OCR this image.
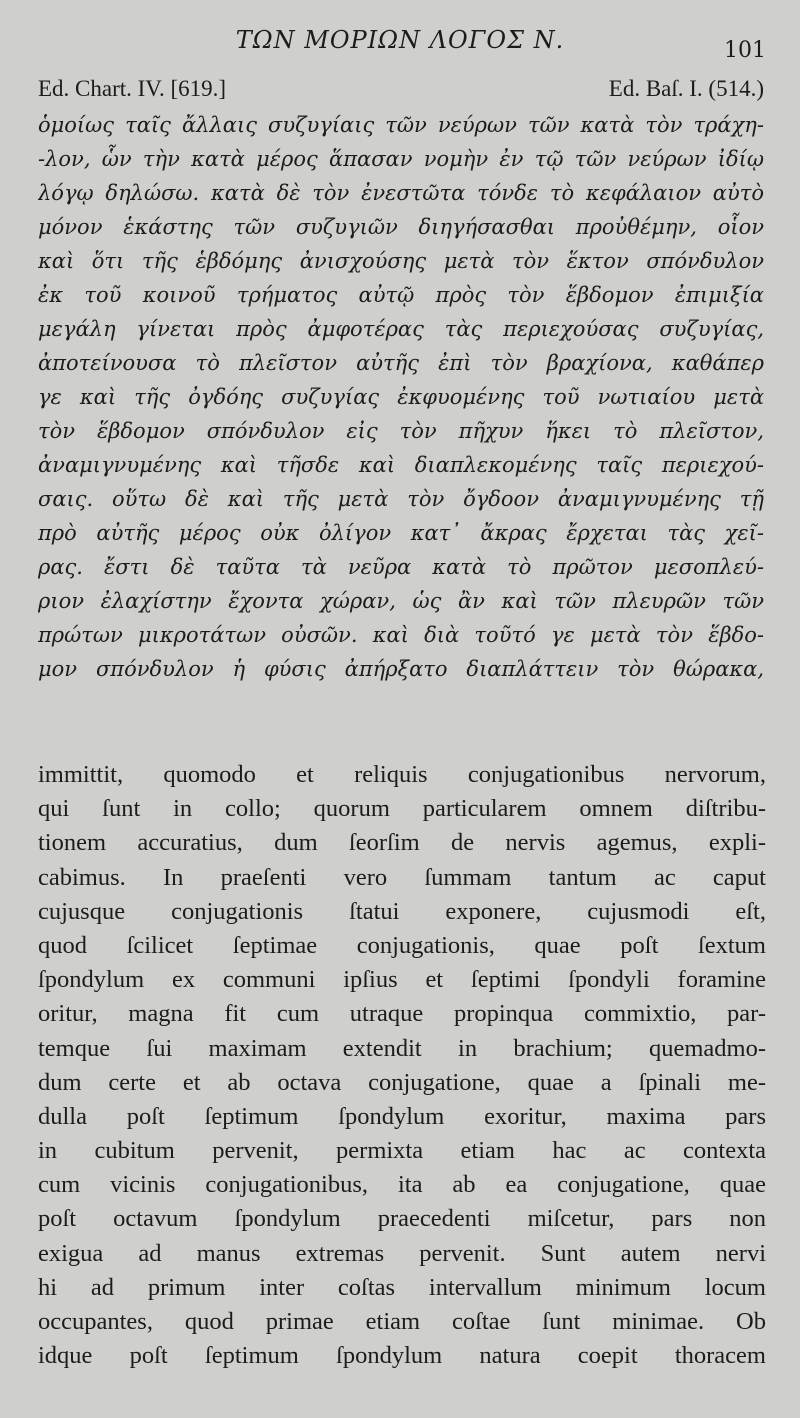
ΤΩΝ ΜΟΡΙΩΝ ΛΟΓΟΣ Ν.	101
Ed. Chart. IV. [619.]	Ed. Baſ. I. (514.)
ὁμοίως ταῖς ἄλλαις συζυγίαις τῶν νεύρων τῶν κατὰ τὸν τράχη-
-λον, ὧν τὴν κατὰ μέρος ἅπασαν νομὴν ἐν τῷ τῶν νεύρων ἰδίῳ
λόγῳ δηλώσω. κατὰ δὲ τὸν ἐνεστῶτα τόνδε τὸ κεφάλαιον αὐτὸ
μόνον ἑκάστης τῶν συζυγιῶν διηγήσασθαι προὐθέμην, οἷον
καὶ ὅτι τῆς ἑβδόμης ἀνισχούσης μετὰ τὸν ἕκτον σπόνδυλον
ἐκ τοῦ κοινοῦ τρήματος αὐτῷ πρὸς τὸν ἕβδομον ἐπιμιξία
μεγάλη γίνεται πρὸς ἀμφοτέρας τὰς περιεχούσας συζυγίας,
ἀποτείνουσα τὸ πλεῖστον αὐτῆς ἐπὶ τὸν βραχίονα, καθάπερ
γε καὶ τῆς ὀγδόης συζυγίας ἐκφυομένης τοῦ νωτιαίου μετὰ
τὸν ἕβδομον σπόνδυλον εἰς τὸν πῆχυν ἥκει τὸ πλεῖστον,
ἀναμιγνυμένης καὶ τῆσδε καὶ διαπλεκομένης ταῖς περιεχού-
σαις. οὕτω δὲ καὶ τῆς μετὰ τὸν ὄγδοον ἀναμιγνυμένης τῇ
πρὸ αὐτῆς μέρος οὐκ ὀλίγον κατ᾽ ἄκρας ἔρχεται τὰς χεῖ-
ρας. ἔστι δὲ ταῦτα τὰ νεῦρα κατὰ τὸ πρῶτον μεσοπλεύ-
ριον ἐλαχίστην ἔχοντα χώραν, ὡς ἂν καὶ τῶν πλευρῶν τῶν
πρώτων μικροτάτων οὐσῶν. καὶ διὰ τοῦτό γε μετὰ τὸν ἕβδο-
μον σπόνδυλον ἡ φύσις ἀπήρξατο διαπλάττειν τὸν θώρακα,
immittit, quomodo et reliquis conjugationibus nervorum,
qui ſunt in collo; quorum particularem omnem diſtribu-
tionem accuratius, dum ſeorſim de nervis agemus, expli-
cabimus. In praeſenti vero ſummam tantum ac caput
cujusque conjugationis ſtatui exponere, cujusmodi eſt,
quod ſcilicet ſeptimae conjugationis, quae poſt ſextum
ſpondylum ex communi ipſius et ſeptimi ſpondyli foramine
oritur, magna fit cum utraque propinqua commixtio, par-
temque ſui maximam extendit in brachium; quemadmo-
dum certe et ab octava conjugatione, quae a ſpinali me-
dulla poſt ſeptimum ſpondylum exoritur, maxima pars
in cubitum pervenit, permixta etiam hac ac contexta
cum vicinis conjugationibus, ita ab ea conjugatione, quae
poſt octavum ſpondylum praecedenti miſcetur, pars non
exigua ad manus extremas pervenit. Sunt autem nervi
hi ad primum inter coſtas intervallum minimum locum
occupantes, quod primae etiam coſtae ſunt minimae. Ob
idque poſt ſeptimum ſpondylum natura coepit thoracem
